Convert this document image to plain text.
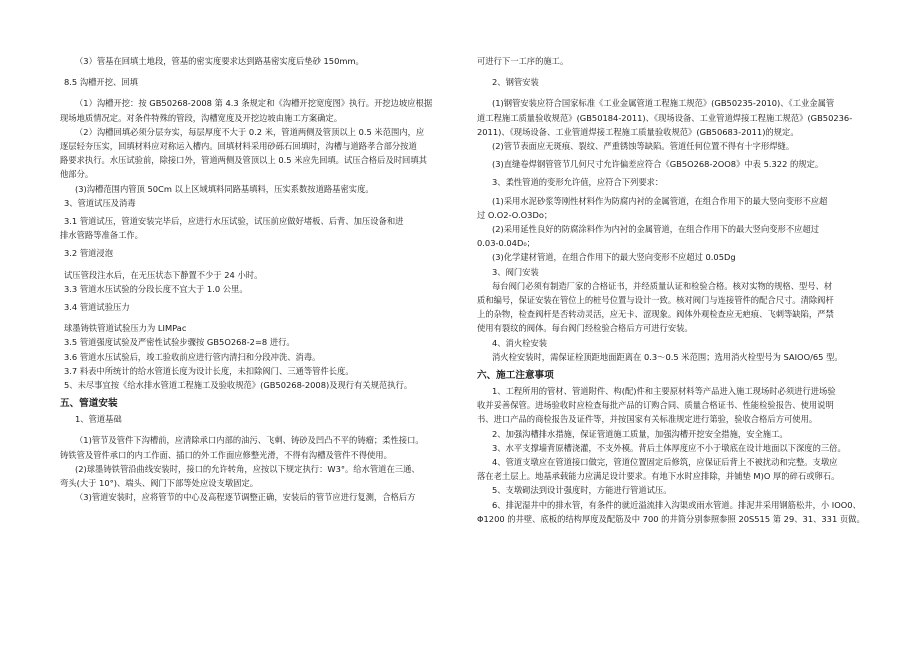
（3）管基在回填土地段，管基的密实度要求达到路基密实度后垫砂 150mm。
8.5 沟槽开挖、回填
（1）沟槽开挖：按 GB50268-2008 第 4.3 条规定和《沟槽开挖宽度图》执行。开挖边坡应根据
现场地质情况定。对条件特殊的管段，沟槽宽度及开挖边坡由施工方案确定。
（2）沟槽回填必须分层夯实，每层厚度不大于 0.2 米，管道两侧及管顶以上 0.5 米范围内，应
逐层轻夯压实，回填材料应对称运入槽内。回填材料采用砂砾石回填时，沟槽与道路孝合部分按道
路要求执行。水压试验前，除接口外，管道两侧及管顶以上 0.5 米应先回填。试压合格后及时回填其
他部分。
(3)沟槽范围内管顶 50Cm 以上区域填料同路基填料，压实系数按道路基密实度。
3、管道试压及消毒
3.1 管道试压，管道安装完毕后，应进行水压试验，试压前应做好堵板、后背、加压设备和进
排水管路等准备工作。
3.2 管道浸泡
试压管段注水后，在无压状态下静置不少于 24 小时。
3.3 管道水压试验的分段长度不宜大于 1.0 公里。
3.4 管道试验压力
球墨铸铁管道试验压力为 LIMPac
3.5 管道强度试验及严密性试验步骤按 GB5O268-2=8 进行。
3.6 管道水压试验后，竣工验收前应进行管内清扫和分段冲洗、消毒。
3.7 料表中所统计的给水管道长度为设计长度，未扣除阀门、三通等管件长度。
5、未尽事宜按《给水排水管道工程施工及验收规范》(GB50268-2008)及现行有关规范执行。
五、管道安装
1、管道基础
（1)管节及管件下沟槽前，应清除承口内部的油污、飞刺、铸砂及凹凸不平的铸瘤；柔性接口。
铸铁管及管件承口的内工作面、插口的外工作面应修整光滑，不得有沟槽及管件不得使用。
(2)球墨铸铁管沿曲线安装时，接口的允许转角，应按以下规定执行：W3°。给水管道在三通、
弯头(大于 10°)、端头、阀门下部等处应设支墩固定。
（3)管道安装时，应将管节的中心及高程逐节调整正确，安装后的管节应进行复测，合格后方
可进行下一工序的施工。
2、钢管安装
(1)钢管安装应符合国家标准《工业金属管道工程施工规范》(GB50235-2010)、《工业金属管
道工程施工质量验收规范》(GB50184-2011)、《现场设备、工业管道焊接工程施工规范》(GB50236-
2011)、《现场设备、工业管道焊接工程施工质量验收规范》(GB50683-2011)的规定。
(2)管节表面应无斑痕、裂纹、严重锈蚀等缺陷。管道任何位置不得有十字形焊缝。
(3)直缝卷焊钢管管节几何尺寸允许偏差应符合《GB5O268-2OO8》中表 5.322 的规定。
3、柔性管道的变形允许值，应符合下列要求：
(1)采用水泥砂浆等刚性材料作为防腐内衬的金属管道，在组合作用下的最大竖向变形不应超
过 O.O2-O.O3Do；
(2)采用延性良好的防腐涂料作为内衬的金属管道，在组合作用下的最大竖向变形不应超过
0.03-0.04D₀；
(3)化学建材管道，在组合作用下的最大竖向变形不应超过 0.05Dg
3、阀门安装
每台阀门必须有制造厂家的合格证书，并经质量认证和检验合格。核对实物的规格、型号、材
质和编号，保证安装在管位上的桩号位置与设计一致。核对阀门与连接管件的配合尺寸。清除阀杆
上的杂物，检查阀杆是否转动灵活，应无卡、涩现象。阀体外观检查应无疤痕、飞刺等缺陷，严禁
使用有裂纹的阀体。每台阀门经检验合格后方可进行安装。
4、消火栓安装
消火栓安装时，需保证栓顶距地面距离在 0.3～0.5 米范围；选用消火栓型号为 SAIOO/65 型。
六、施工注意事项
1、工程所用的管材、管道附件、构(配)件和主要原材料等产品进入施工现场时必须进行进场验
收并妥善保管。进场验收时应检查每批产品的订购合同、质量合格证书、性能检验报告、使用说明
书、进口产品的商检报告及证件等，并按国家有关标准规定进行第验，验收合格后方可使用。
2、加强沟槽排水措施，保证管道施工质量，加强沟槽开挖安全措施，安全施工。
3、水平支撑墙背原槽浇灌，不支外模。背后土体厚度应不小于墩底在设计地面以下深度的三倍。
4、管道支墩应在管道接口做完，管道位置固定后修筑，应保证后背上不被扰动和完整。支墩应
落在老土层上。地基承载能力应满足设计要求。有地下水时应排除，并铺垫 M)O 厚的碎石或卵石。
5、支墩砌法到设计强度时，方能进行管道试压。
6、排泥湿井中的排水管，有条件的就近溢流排入沟渠或雨水管道。排泥井采用钢筋松井，小 IOO0、
Φ1200 的井壁、底板的结构厚度及配筋及中 700 的井筒分别参照参照 20S515 第 29、31、331 页做。
